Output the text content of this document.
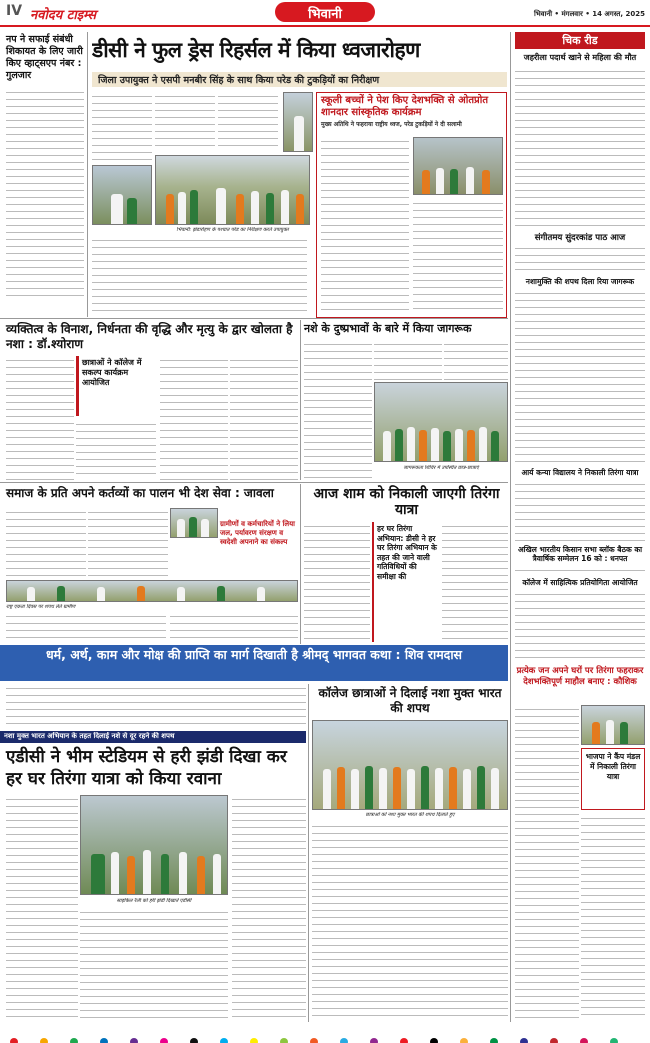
IV नवोदय टाइम्स	भिवानी	भिवानी • मंगलवार • 14 अगस्त, 2025
नप ने सफाई संबंधी शिकायत के लिए जारी किए व्हाट्सएप नंबर : गुलजार
डीसी ने फुल ड्रेस रिहर्सल में किया ध्वजारोहण
जिला उपायुक्त ने एसपी मनबीर सिंह के साथ किया परेड की टुकड़ियों का निरीक्षण
भिवानी: झंडारोहण के पश्चात परेड का निरीक्षण करते उपायुक्त
स्कूली बच्चों ने पेश किए देशभक्ति से ओतप्रोत शानदार सांस्कृतिक कार्यक्रम
मुख्य अतिथि ने फहराया राष्ट्रीय ध्वज, परेड टुकड़ियों ने दी सलामी
चिक रीड
जहरीला पदार्थ खाने से महिला की मौत
संगीतमय सुंदरकांड पाठ आज
नशामुक्ति की शपथ दिला रिया जागरूक
आर्य कन्या विद्यालय ने निकाली तिरंगा यात्रा
अखिल भारतीय किसान सभा ब्लॉक बैठक का त्रैवार्षिक सम्मेलन 16 को : धनपत
कॉलेज में साहित्यिक प्रतियोगिता आयोजित
व्यक्तित्व के विनाश, निर्धनता की वृद्धि और मृत्यु के द्वार खोलता है नशा : डॉ.श्योराण
छात्राओं ने कॉलेज में सकल्प कार्यक्रम आयोजित
नशे के दुष्प्रभावों के बारे में किया जागरूक
जागरूकता शिविर में उपस्थित छात्र-छात्राएं
समाज के प्रति अपने कर्तव्यों का पालन भी देश सेवा : जावला
ग्रामीणों व कर्मचारियों ने लिया जल, पर्यावरण संरक्षण व स्वदेशी अपनाने का संकल्प
राष्ट्र एकता दिवस पर शपथ लेते ग्रामीण
आज शाम को निकाली जाएगी तिरंगा यात्रा
हर घर तिरंगा अभियान: डीसी ने हर घर तिरंगा अभियान के तहत की जाने वाली गतिविधियों की समीक्षा की
धर्म, अर्थ, काम और मोक्ष की प्राप्ति का मार्ग दिखाती है श्रीमद् भागवत कथा : शिव रामदास
कॉलेज छात्राओं ने दिलाई नशा मुक्त भारत की शपथ
छात्राओं को नशा मुक्त भारत की शपथ दिलाते हुए
नशा मुक्त भारत अभियान के तहत दिलाई नशे से दूर रहने की शपथ
एडीसी ने भीम स्टेडियम से हरी झंडी दिखा कर हर घर तिरंगा यात्रा को किया रवाना
साइकिल रैली को हरी झंडी दिखाते एडीसी
प्रत्येक जन अपने घरों पर तिरंगा फहराकर देशभक्तिपूर्ण माहौल बनाए : कौशिक
भाजपा ने कैंप मंडल में निकाली तिरंगा यात्रा
